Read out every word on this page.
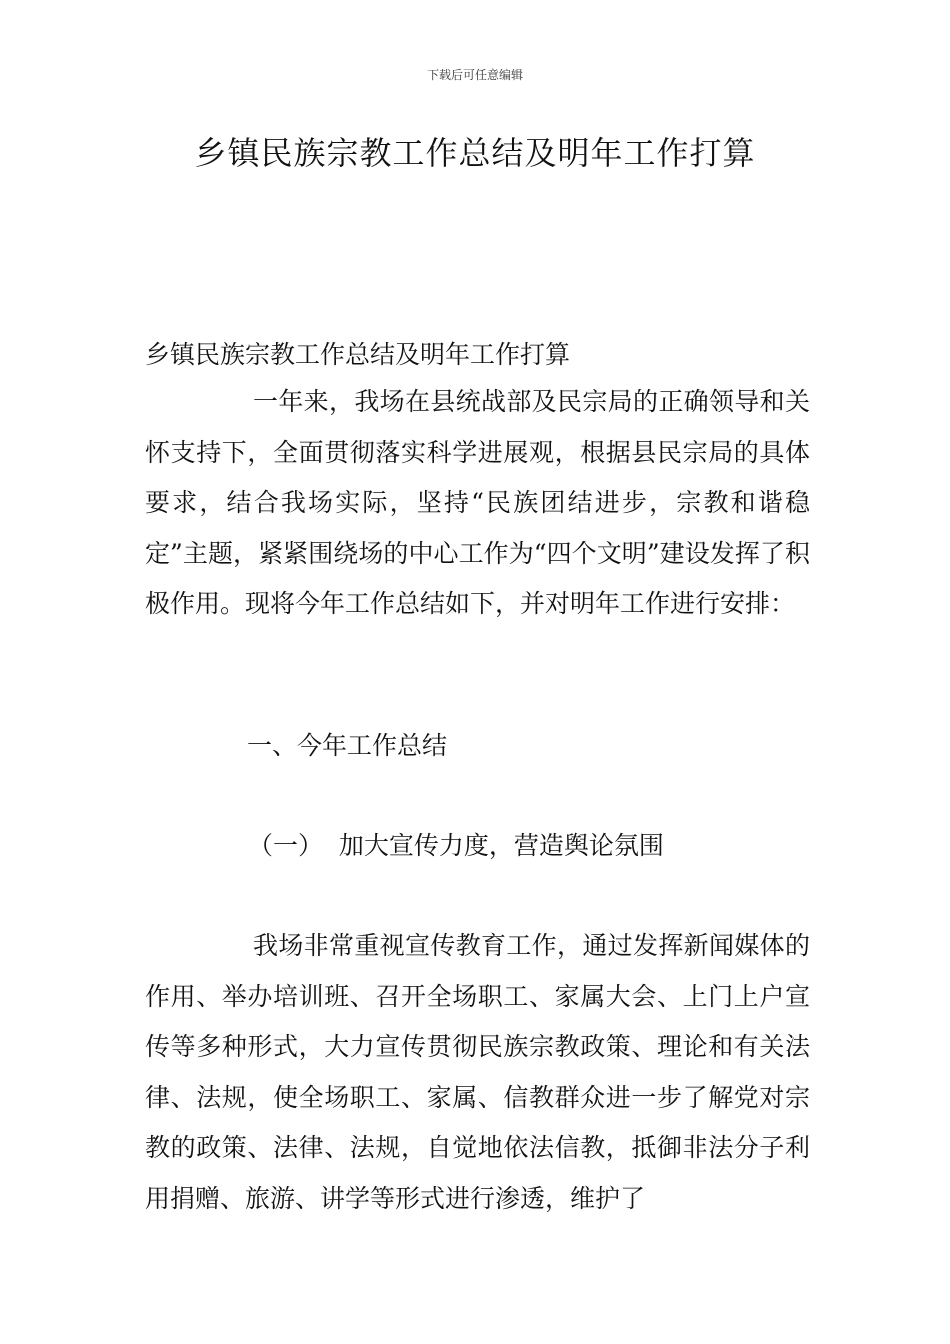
下载后可任意编辑
乡镇民族宗教工作总结及明年工作打算

乡镇民族宗教工作总结及明年工作打算

一年来，我场在县统战部及民宗局的正确领导和关怀支持下，全面贯彻落实科学进展观，根据县民宗局的具体要求，结合我场实际，坚持“民族团结进步，宗教和谐稳定”主题，紧紧围绕场的中心工作为“四个文明”建设发挥了积极作用。现将今年工作总结如下，并对明年工作进行安排：

一、今年工作总结
（一）  加大宣传力度，营造舆论氛围

我场非常重视宣传教育工作，通过发挥新闻媒体的作用、举办培训班、召开全场职工、家属大会、上门上户宣传等多种形式，大力宣传贯彻民族宗教政策、理论和有关法律、法规，使全场职工、家属、信教群众进一步了解党对宗教的政策、法律、法规，自觉地依法信教，抵御非法分子利用捐赠、旅游、讲学等形式进行渗透，维护了
